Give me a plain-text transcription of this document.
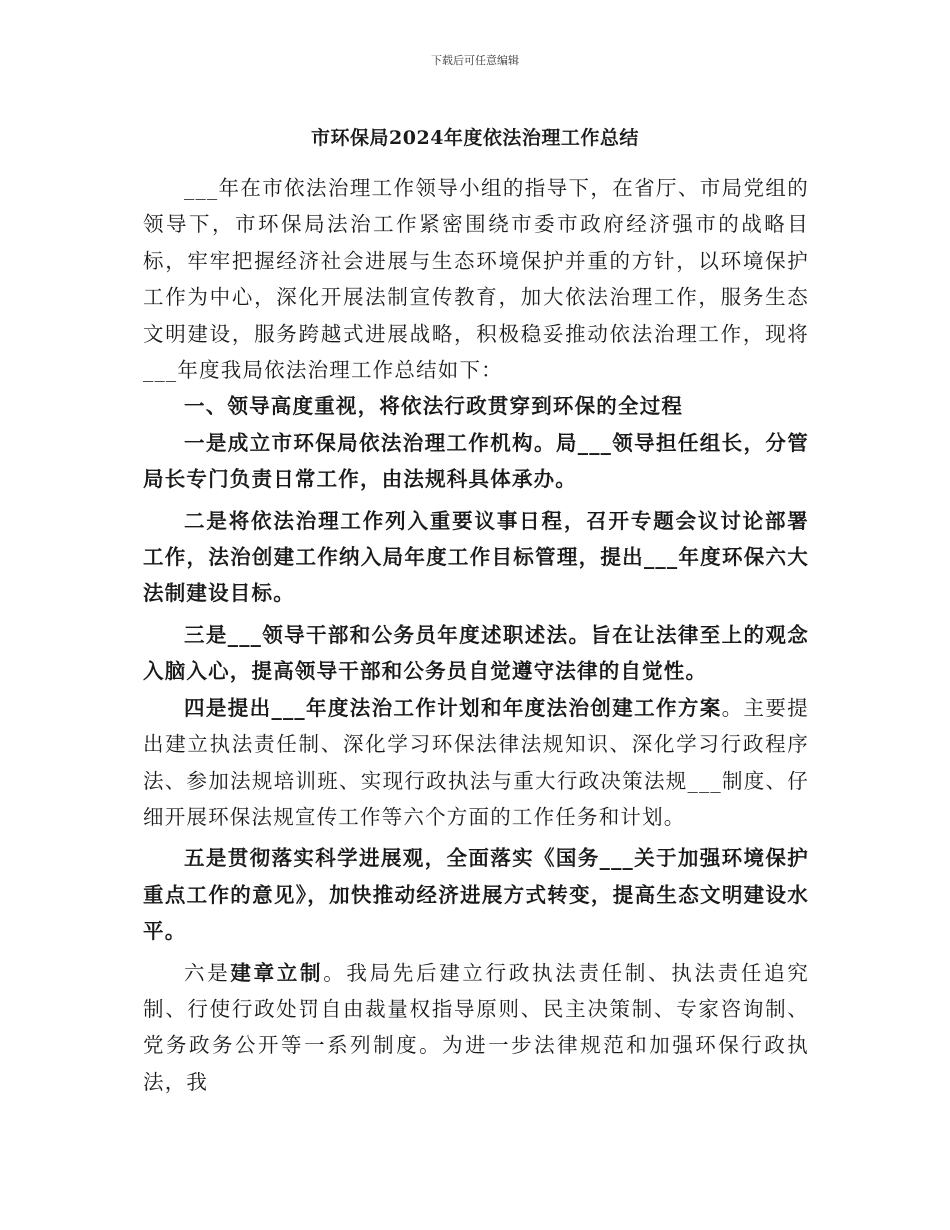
下载后可任意编辑
市环保局2024年度依法治理工作总结

___年在市依法治理工作领导小组的指导下，在省厅、市局党组的领导下，市环保局法治工作紧密围绕市委市政府经济强市的战略目标，牢牢把握经济社会进展与生态环境保护并重的方针，以环境保护工作为中心，深化开展法制宣传教育，加大依法治理工作，服务生态文明建设，服务跨越式进展战略，积极稳妥推动依法治理工作，现将___年度我局依法治理工作总结如下：

一、领导高度重视，将依法行政贯穿到环保的全过程

一是成立市环保局依法治理工作机构。局___领导担任组长，分管局长专门负责日常工作，由法规科具体承办。

二是将依法治理工作列入重要议事日程，召开专题会议讨论部署工作，法治创建工作纳入局年度工作目标管理，提出___年度环保六大法制建设目标。

三是___领导干部和公务员年度述职述法。旨在让法律至上的观念入脑入心，提高领导干部和公务员自觉遵守法律的自觉性。

四是提出___年度法治工作计划和年度法治创建工作方案。主要提出建立执法责任制、深化学习环保法律法规知识、深化学习行政程序法、参加法规培训班、实现行政执法与重大行政决策法规___制度、仔细开展环保法规宣传工作等六个方面的工作任务和计划。

五是贯彻落实科学进展观，全面落实《国务___关于加强环境保护重点工作的意见》，加快推动经济进展方式转变，提高生态文明建设水平。

六是建章立制。我局先后建立行政执法责任制、执法责任追究制、行使行政处罚自由裁量权指导原则、民主决策制、专家咨询制、党务政务公开等一系列制度。为进一步法律规范和加强环保行政执法，我
